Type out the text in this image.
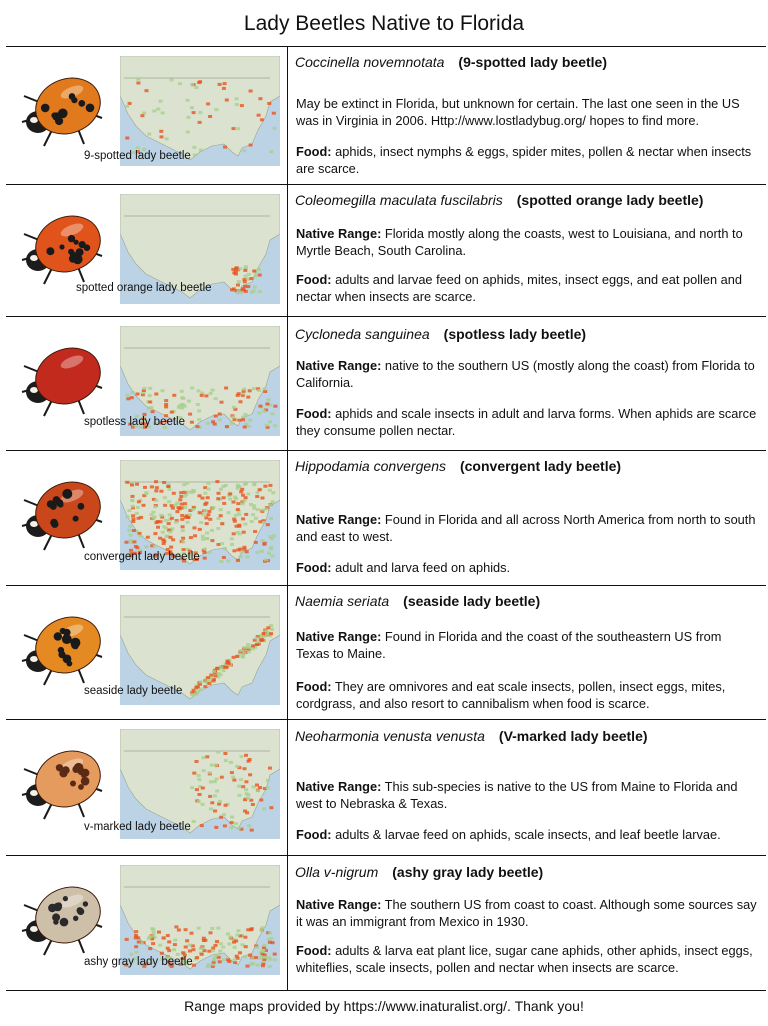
Lady Beetles Native to Florida
9-spotted lady beetle
Coccinella novemnotata (9-spotted lady beetle)
May be extinct in Florida, but unknown for certain. The last one seen in the US was in Virginia in 2006. Http://www.lostladybug.org/ hopes to find more.
Food: aphids, insect nymphs & eggs, spider mites, pollen & nectar when insects are scarce.
spotted orange lady beetle
Coleomegilla maculata fuscilabris (spotted orange lady beetle)
Native Range: Florida mostly along the coasts, west to Louisiana, and north to Myrtle Beach, South Carolina.
Food: adults and larvae feed on aphids, mites, insect eggs, and eat pollen and nectar when insects are scarce.
spotless lady beetle
Cycloneda sanguinea (spotless lady beetle)
Native Range: native to the southern US (mostly along the coast) from Florida to California.
Food: aphids and scale insects in adult and larva forms. When aphids are scarce they consume pollen nectar.
convergent lady beetle
Hippodamia convergens (convergent lady beetle)
Native Range: Found in Florida and all across North America from north to south and east to west.
Food: adult and larva feed on aphids.
seaside lady beetle
Naemia seriata (seaside lady beetle)
Native Range: Found in Florida and the coast of the southeastern US from Texas to Maine.
Food: They are omnivores and eat scale insects, pollen, insect eggs, mites, cordgrass, and also resort to cannibalism when food is scarce.
v-marked lady beetle
Neoharmonia venusta venusta (V-marked lady beetle)
Native Range: This sub-species is native to the US from Maine to Florida and west to Nebraska & Texas.
Food: adults & larvae feed on aphids, scale insects, and leaf beetle larvae.
ashy gray lady beetle
Olla v-nigrum (ashy gray lady beetle)
Native Range: The southern US from coast to coast. Although some sources say it was an immigrant from Mexico in 1930.
Food: adults & larva eat plant lice, sugar cane aphids, other aphids, insect eggs, whiteflies, scale insects, pollen and nectar when insects are scarce.
Range maps provided by https://www.inaturalist.org/. Thank you!
